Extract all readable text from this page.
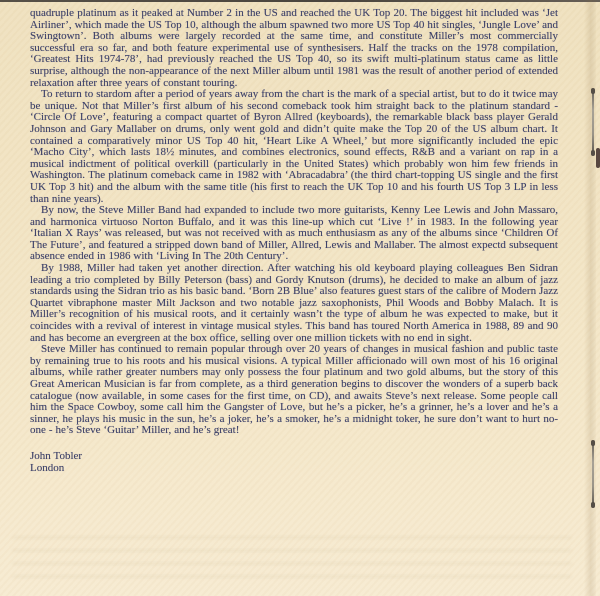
quadruple platinum as it peaked at Number 2 in the US and reached the UK Top 20. The biggest hit included was ‘Jet Airliner’, which made the US Top 10, although the album spawned two more US Top 40 hit singles, ‘Jungle Love’ and Swingtown’. Both albums were largely recorded at the same time, and constitute Miller’s most commercially successful era so far, and both feature experimental use of synthesisers. Half the tracks on the 1978 compilation, ‘Greatest Hits 1974-78’, had previously reached the US Top 40, so its swift multi-platinum status came as little surprise, although the non-appearance of the next Miller album until 1981 was the result of another period of extended relaxation after three years of constant touring.

To return to stardom after a period of years away from the chart is the mark of a special artist, but to do it twice may be unique. Not that Miller’s first album of his second comeback took him straight back to the platinum standard - ‘Circle Of Love’, featuring a compact quartet of Byron Allred (keyboards), the remarkable black bass player Gerald Johnson and Gary Mallaber on drums, only went gold and didn’t quite make the Top 20 of the US album chart. It contained a comparatively minor US Top 40 hit, ‘Heart Like A Wheel,’ but more significantly included the epic ‘Macho City’, which lasts 18½ minutes, and combines electronics, sound effects, R&B and a variant on rap in a musical indictment of political overkill (particularly in the United States) which probably won him few friends in Washington. The platinum comeback came in 1982 with ‘Abracadabra’ (the third chart-topping US single and the first UK Top 3 hit) and the album with the same title (his first to reach the UK Top 10 and his fourth US Top 3 LP in less than nine years).

By now, the Steve Miller Band had expanded to include two more guitarists, Kenny Lee Lewis and John Massaro, and harmonica virtuoso Norton Buffalo, and it was this line-up which cut ‘Live !’ in 1983. In the following year ‘Italian X Rays’ was released, but was not received with as much enthusiasm as any of the albums since ‘Children Of The Future’, and featured a stripped down band of Miller, Allred, Lewis and Mallaber. The almost expectd subsequent absence ended in 1986 with ‘Living In The 20th Century’.

By 1988, Miller had taken yet another direction. After watching his old keyboard playing colleagues Ben Sidran leading a trio completed by Billy Peterson (bass) and Gordy Knutson (drums), he decided to make an album of jazz standards using the Sidran trio as his basic band. ‘Born 2B Blue’ also features guest stars of the calibre of Modern Jazz Quartet vibraphone master Milt Jackson and two notable jazz saxophonists, Phil Woods and Bobby Malach. It is Miller’s recognition of his musical roots, and it certainly wasn’t the type of album he was expected to make, but it coincides with a revival of interest in vintage musical styles. This band has toured North America in 1988, 89 and 90 and has become an evergreen at the box office, selling over one million tickets with no end in sight.

Steve Miller has continued to remain popular through over 20 years of changes in musical fashion and public taste by remaining true to his roots and his musical visions. A typical Miller afficionado will own most of his 16 original albums, while rather greater numbers may only possess the four platinum and two gold albums, but the story of this Great American Musician is far from complete, as a third generation begins to discover the wonders of a superb back catalogue (now available, in some cases for the first time, on CD), and awaits Steve’s next release. Some people call him the Space Cowboy, some call him the Gangster of Love, but he’s a picker, he’s a grinner, he’s a lover and he’s a sinner, he plays his music in the sun, he’s a joker, he’s a smoker, he’s a midnight toker, he sure don’t want to hurt no-one - he’s Steve ‘Guitar’ Miller, and he’s great!

John Tobler

London
